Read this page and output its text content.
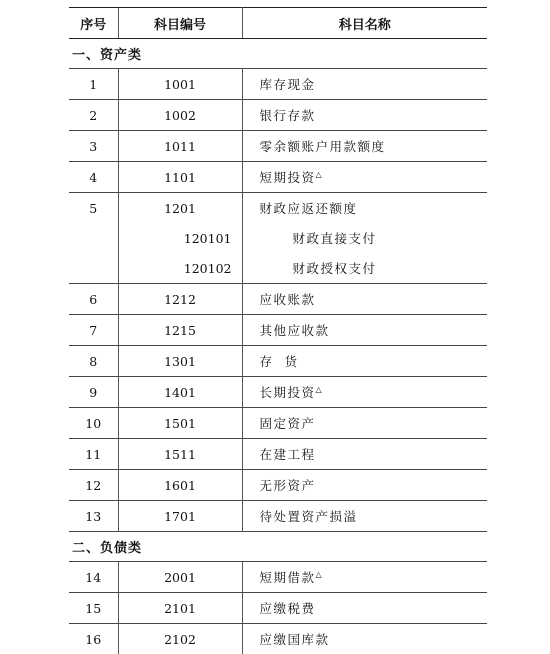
序号	科目编号	科目名称
一、资产类		
1	1001	库存现金
2	1002	银行存款
3	1011	零余额账户用款额度
4	1101	短期投资△
5	1201	财政应返还额度
	120101	财政直接支付
	120102	财政授权支付
6	1212	应收账款
7	1215	其他应收款
8	1301	存  货
9	1401	长期投资△
10	1501	固定资产
11	1511	在建工程
12	1601	无形资产
13	1701	待处置资产损溢
二、负债类		
14	2001	短期借款△
15	2101	应缴税费
16	2102	应缴国库款
